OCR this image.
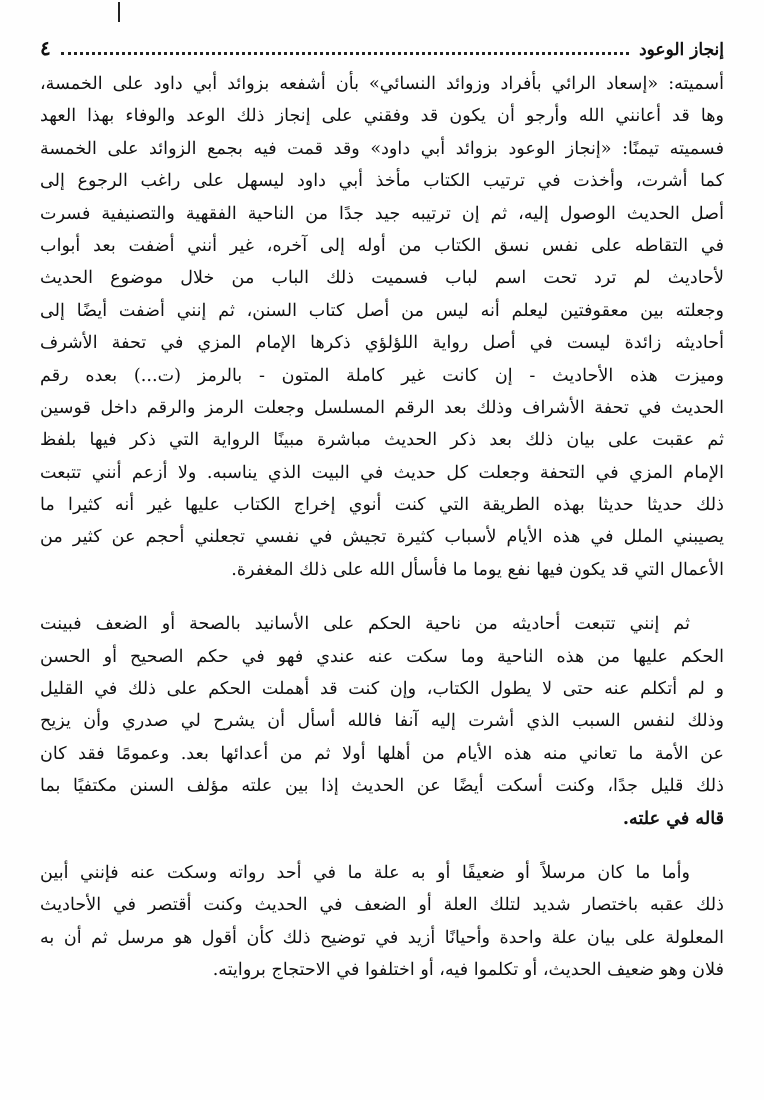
٤	إنجاز الوعود
أسميته: «إسعاد الرائي بأفراد وزوائد النسائي» بأن أشفعه بزوائد أبي داود على الخمسة،
وها قد أعانني الله وأرجو أن يكون قد وفقني على إنجاز ذلك الوعد والوفاء بهذا العهد
فسميته تيمنًا: «إنجاز الوعود بزوائد أبي داود» وقد قمت فيه بجمع الزوائد على الخمسة
كما أشرت، وأخذت في ترتيب الكتاب مأخذ أبي داود ليسهل على راغب الرجوع إلى
أصل الحديث الوصول إليه، ثم إن ترتيبه جيد جدًا من الناحية الفقهية والتصنيفية فسرت
في التقاطه على نفس نسق الكتاب من أوله إلى آخره، غير أنني أضفت بعد أبواب
لأحاديث لم ترد تحت اسم لباب فسميت ذلك الباب من خلال موضوع الحديث
وجعلته بين معقوفتين ليعلم أنه ليس من أصل كتاب السنن، ثم إنني أضفت أيضًا إلى
أحاديثه زائدة ليست في أصل رواية اللؤلؤي ذكرها الإمام المزي في تحفة الأشرف
وميزت هذه الأحاديث - إن كانت غير كاملة المتون - بالرمز (ت...) بعده رقم
الحديث في تحفة الأشراف وذلك بعد الرقم المسلسل وجعلت الرمز والرقم داخل قوسين
ثم عقبت على بيان ذلك بعد ذكر الحديث مباشرة مبينًا الرواية التي ذكر فيها بلفظ
الإمام المزي في التحفة وجعلت كل حديث في البيت الذي يناسبه. ولا أزعم أنني تتبعت
ذلك حديثا حديثا بهذه الطريقة التي كنت أنوي إخراج الكتاب عليها غير أنه كثيرا ما
يصيبني الملل في هذه الأيام لأسباب كثيرة تجيش في نفسي تجعلني أحجم عن كثير من
الأعمال التي قد يكون فيها نفع يوما ما فأسأل الله على ذلك المغفرة.
ثم إنني تتبعت أحاديثه من ناحية الحكم على الأسانيد بالصحة أو الضعف فبينت
الحكم عليها من هذه الناحية وما سكت عنه عندي فهو في حكم الصحيح أو الحسن
و لم أتكلم عنه حتى لا يطول الكتاب، وإن كنت قد أهملت الحكم على ذلك في القليل
وذلك لنفس السبب الذي أشرت إليه آنفا فالله أسأل أن يشرح لي صدري وأن يزيح
عن الأمة ما تعاني منه هذه الأيام من أهلها أولا ثم من أعدائها بعد. وعمومًا فقد كان
ذلك قليل جدًا، وكنت أسكت أيضًا عن الحديث إذا بين علته مؤلف السنن مكتفيًا بما
قاله في علته.
وأما ما كان مرسلاً أو ضعيفًا أو به علة ما في أحد رواته وسكت عنه فإنني أبين
ذلك عقبه باختصار شديد لتلك العلة أو الضعف في الحديث وكنت أقتصر في الأحاديث
المعلولة على بيان علة واحدة وأحيانًا أزيد في توضيح ذلك كأن أقول هو مرسل ثم أن به
فلان وهو ضعيف الحديث، أو تكلموا فيه، أو اختلفوا في الاحتجاج بروايته.
